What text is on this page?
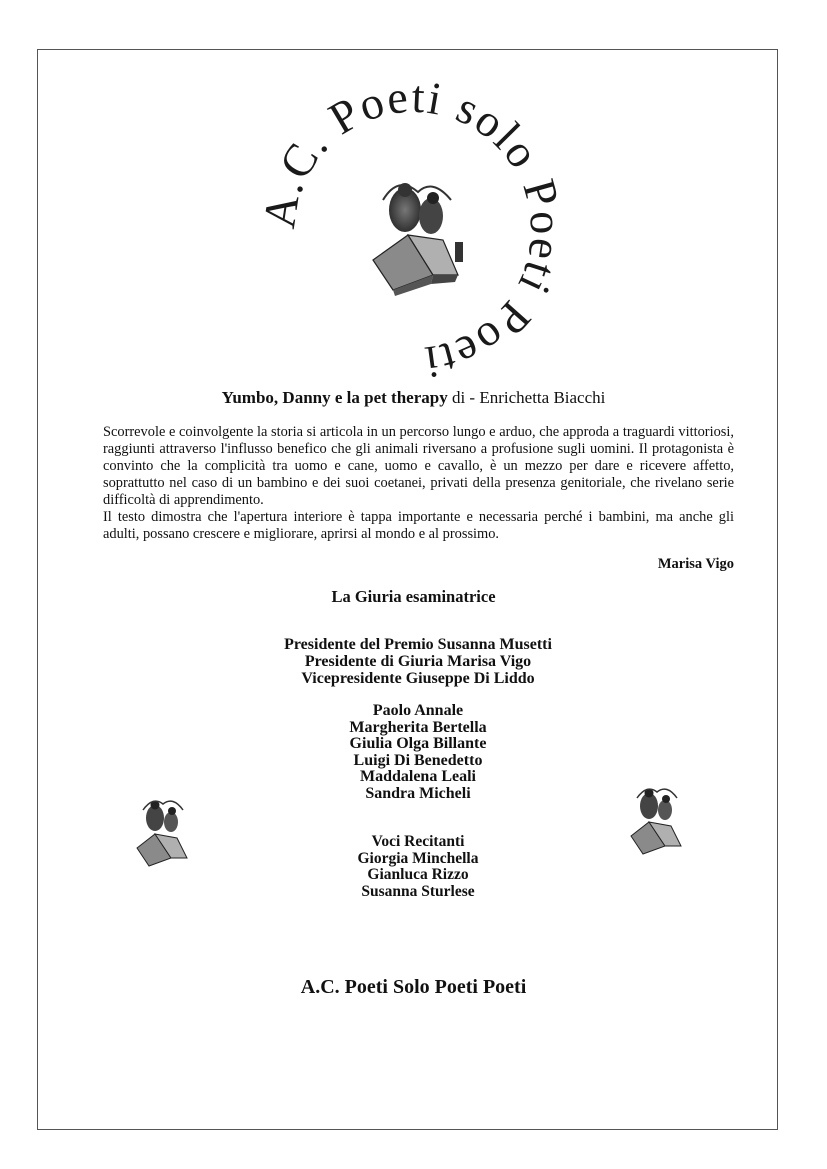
.C. Poeti solo ti Poeti
Yumbo, Danny e la pet therapy di - Enrichetta Biacchi

Scorrevole e coinvolgente la storia si articola in un percorso lungo e arduo, che approda a traguardi vittoriosi, raggiunti attraverso l'influsso benefico che gli animali riversano a profusione sugli uomini. Il protagonista è convinto che la complicità tra uomo e cane, uomo e cavallo, è un mezzo per dare e ricevere affetto, soprattutto nel caso di un bambino e dei suoi coetanei, privati della presenza genitoriale, che rivelano serie difficoltà di apprendimento.

Il testo dimostra che l'apertura interiore è tappa importante e necessaria perché i bambini, ma anche gli adulti, possano crescere e migliorare, aprirsi al mondo e al prossimo.

Marisa Vigo
La Giuria esaminatrice
Presidente del Premio Susanna Musetti
Presidente di Giuria Marisa Vigo
Vicepresidente Giuseppe Di Liddo
Paolo Annale
Margherita Bertella
Giulia Olga Billante
Luigi Di Benedetto
Maddalena Leali
Sandra Micheli
Voci Recitanti
Giorgia Minchella
Gianluca Rizzo
Susanna Sturlese
A.C. Poeti Solo Poeti Poeti
